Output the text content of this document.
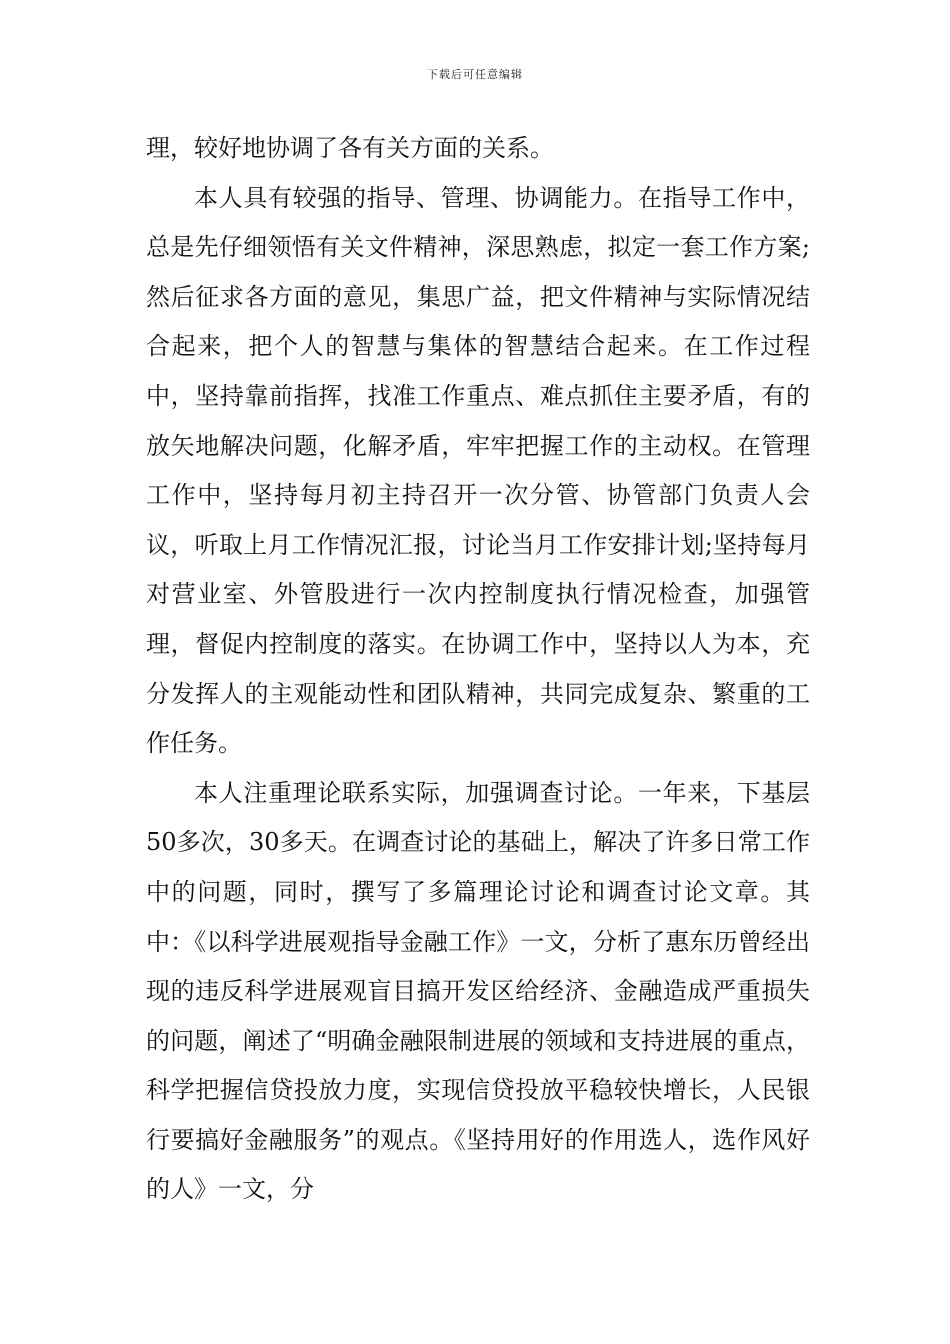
下载后可任意编辑

理，较好地协调了各有关方面的关系。

本人具有较强的指导、管理、协调能力。在指导工作中，总是先仔细领悟有关文件精神，深思熟虑，拟定一套工作方案;然后征求各方面的意见，集思广益，把文件精神与实际情况结合起来，把个人的智慧与集体的智慧结合起来。在工作过程中，坚持靠前指挥，找准工作重点、难点抓住主要矛盾，有的放矢地解决问题，化解矛盾，牢牢把握工作的主动权。在管理工作中，坚持每月初主持召开一次分管、协管部门负责人会议，听取上月工作情况汇报，讨论当月工作安排计划;坚持每月对营业室、外管股进行一次内控制度执行情况检查，加强管理，督促内控制度的落实。在协调工作中，坚持以人为本，充分发挥人的主观能动性和团队精神，共同完成复杂、繁重的工作任务。

本人注重理论联系实际，加强调查讨论。一年来，下基层50多次，30多天。在调查讨论的基础上，解决了许多日常工作中的问题，同时，撰写了多篇理论讨论和调查讨论文章。其中：《以科学进展观指导金融工作》一文，分析了惠东历曾经出现的违反科学进展观盲目搞开发区给经济、金融造成严重损失的问题，阐述了“明确金融限制进展的领域和支持进展的重点，科学把握信贷投放力度，实现信贷投放平稳较快增长，人民银行要搞好金融服务”的观点。《坚持用好的作用选人，选作风好的人》一文，分
